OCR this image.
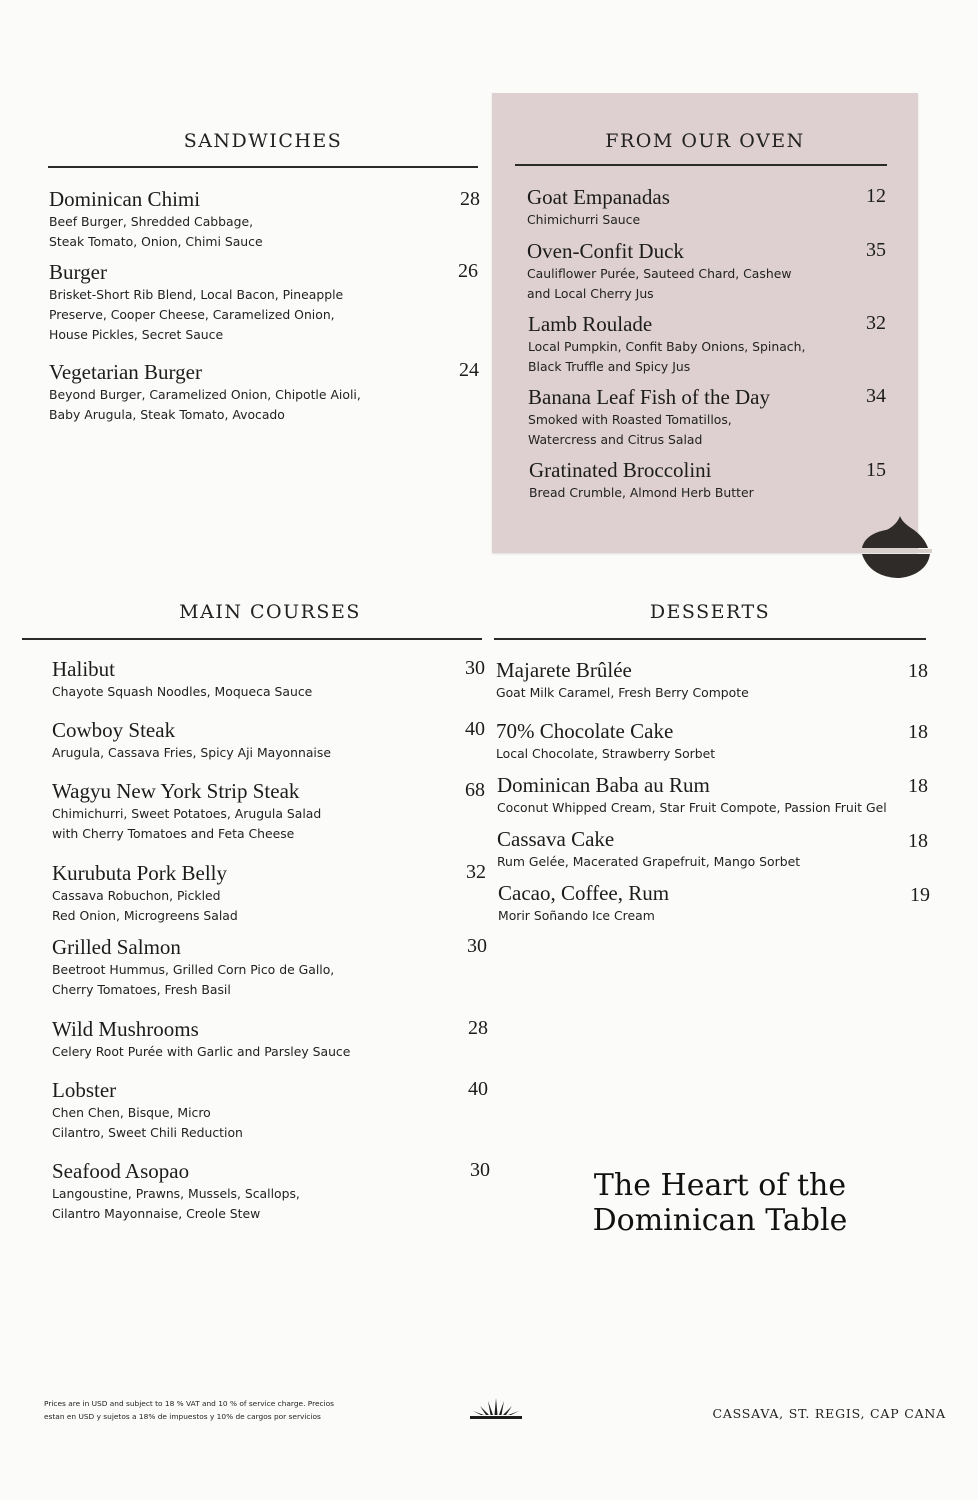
SANDWICHES
Dominican Chimi
Beef Burger, Shredded Cabbage,
Steak Tomato, Onion, Chimi Sauce
28
Burger
Brisket-Short Rib Blend, Local Bacon, Pineapple
Preserve, Cooper Cheese, Caramelized Onion,
House Pickles, Secret Sauce
26
Vegetarian Burger
Beyond Burger, Caramelized Onion, Chipotle Aioli,
Baby Arugula, Steak Tomato, Avocado
24
FROM OUR OVEN
Goat Empanadas
Chimichurri Sauce
12
Oven-Confit Duck
Cauliflower Purée, Sauteed Chard, Cashew
and Local Cherry Jus
35
Lamb Roulade
Local Pumpkin, Confit Baby Onions, Spinach,
Black Truffle and Spicy Jus
32
Banana Leaf Fish of the Day
Smoked with Roasted Tomatillos,
Watercress and Citrus Salad
34
Gratinated Broccolini
Bread Crumble, Almond Herb Butter
15
MAIN COURSES
Halibut
Chayote Squash Noodles, Moqueca Sauce
30
Cowboy Steak
Arugula, Cassava Fries, Spicy Aji Mayonnaise
40
Wagyu New York Strip Steak
Chimichurri, Sweet Potatoes, Arugula Salad
with Cherry Tomatoes and Feta Cheese
68
Kurubuta Pork Belly
Cassava Robuchon, Pickled
Red Onion, Microgreens Salad
32
Grilled Salmon
Beetroot Hummus, Grilled Corn Pico de Gallo,
Cherry Tomatoes, Fresh Basil
30
Wild Mushrooms
Celery Root Purée with Garlic and Parsley Sauce
28
Lobster
Chen Chen, Bisque, Micro
Cilantro, Sweet Chili Reduction
40
Seafood Asopao
Langoustine, Prawns, Mussels, Scallops,
Cilantro Mayonnaise, Creole Stew
30
DESSERTS
Majarete Brûlée
Goat Milk Caramel, Fresh Berry Compote
18
70% Chocolate Cake
Local Chocolate, Strawberry Sorbet
18
Dominican Baba au Rum
Coconut Whipped Cream, Star Fruit Compote, Passion Fruit Gel
18
Cassava Cake
Rum Gelée, Macerated Grapefruit, Mango Sorbet
18
Cacao, Coffee, Rum
Morir Soñando Ice Cream
19
The Heart of the
Dominican Table
Prices are in USD and subject to 18 % VAT and 10 % of service charge. Precios
estan en USD y sujetos a 18% de impuestos y 10% de cargos por servicios	CASSAVA, ST. REGIS, CAP CANA
